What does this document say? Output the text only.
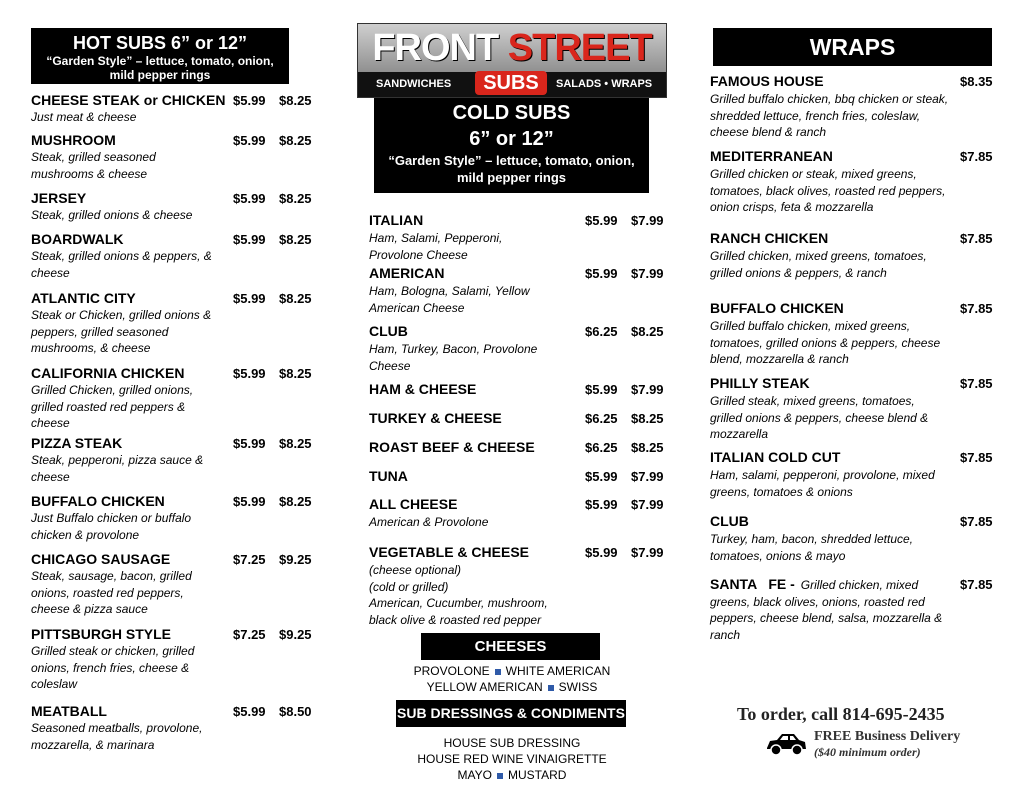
HOT SUBS 6” or 12”
“Garden Style” – lettuce, tomato, onion, mild pepper rings
CHEESE STEAK or CHICKEN
Just meat & cheese
$5.99 $8.25
MUSHROOM
Steak, grilled seasoned mushrooms & cheese
$5.99 $8.25
JERSEY
Steak, grilled onions & cheese
$5.99 $8.25
BOARDWALK
Steak, grilled onions & peppers, & cheese
$5.99 $8.25
ATLANTIC CITY
Steak or Chicken, grilled onions & peppers, grilled seasoned mushrooms, & cheese
$5.99 $8.25
CALIFORNIA CHICKEN
Grilled Chicken, grilled onions, grilled roasted red peppers & cheese
$5.99 $8.25
PIZZA STEAK
Steak, pepperoni, pizza sauce & cheese
$5.99 $8.25
BUFFALO CHICKEN
Just Buffalo chicken or buffalo chicken & provolone
$5.99 $8.25
CHICAGO SAUSAGE
Steak, sausage, bacon, grilled onions, roasted red peppers, cheese & pizza sauce
$7.25 $9.25
PITTSBURGH STYLE
Grilled steak or chicken, grilled onions, french fries, cheese & coleslaw
$7.25 $9.25
MEATBALL
Seasoned meatballs, provolone, mozzarella, & marinara
$5.99 $8.50
FRONT STREET
SANDWICHES	SUBS	SALADS • WRAPS
COLD SUBS
6” or 12”
“Garden Style” – lettuce, tomato, onion, mild pepper rings
ITALIAN
Ham, Salami, Pepperoni, Provolone Cheese
$5.99 $7.99
AMERICAN
Ham, Bologna, Salami, Yellow American Cheese
$5.99 $7.99
CLUB
Ham, Turkey, Bacon, Provolone Cheese
$6.25 $8.25
HAM & CHEESE	$5.99 $7.99
TURKEY & CHEESE	$6.25 $8.25
ROAST BEEF & CHEESE	$6.25 $8.25
TUNA	$5.99 $7.99
ALL CHEESE
American & Provolone
$5.99 $7.99
VEGETABLE & CHEESE
(cheese optional)
(cold or grilled)
American, Cucumber, mushroom, black olive & roasted red pepper
$5.99 $7.99
CHEESES
PROVOLONE WHITE AMERICAN
YELLOW AMERICAN SWISS
SUB DRESSINGS & CONDIMENTS
HOUSE SUB DRESSING
HOUSE RED WINE VINAIGRETTE
MAYO MUSTARD
WRAPS
FAMOUS HOUSE
Grilled buffalo chicken, bbq chicken or steak, shredded lettuce, french fries, coleslaw, cheese blend & ranch
$8.35
MEDITERRANEAN
Grilled chicken or steak, mixed greens, tomatoes, black olives, roasted red peppers, onion crisps, feta & mozzarella
$7.85
RANCH CHICKEN
Grilled chicken, mixed greens, tomatoes, grilled onions & peppers, & ranch
$7.85
BUFFALO CHICKEN
Grilled buffalo chicken, mixed greens, tomatoes, grilled onions & peppers, cheese blend, mozzarella & ranch
$7.85
PHILLY STEAK
Grilled steak, mixed greens, tomatoes, grilled onions & peppers, cheese blend & mozzarella
$7.85
ITALIAN COLD CUT
Ham, salami, pepperoni, provolone, mixed greens, tomatoes & onions
$7.85
CLUB
Turkey, ham, bacon, shredded lettuce, tomatoes, onions & mayo
$7.85
SANTA   FE - Grilled chicken, mixed greens, black olives, onions, roasted red peppers, cheese blend, salsa, mozzarella & ranch
$7.85
To order, call 814-695-2435
FREE Business Delivery
($40 minimum order)
